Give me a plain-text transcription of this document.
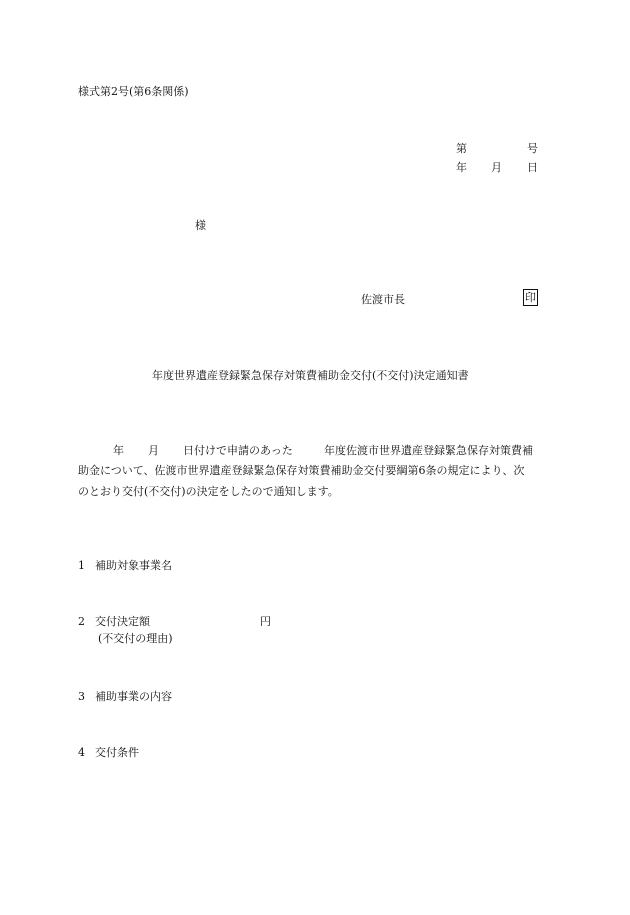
様式第2号(第6条関係)
第	号
年 月 日
様
佐渡市長	印
年度世界遺産登録緊急保存対策費補助金交付(不交付)決定通知書
年 月 日付けで申請のあった	年度佐渡市世界遺産登録緊急保存対策費補
助金について、佐渡市世界遺産登録緊急保存対策費補助金交付要綱第6条の規定により、次
のとおり交付(不交付)の決定をしたので通知します。
1 補助対象事業名
2 交付決定額	円
(不交付の理由)
3 補助事業の内容
4 交付条件
